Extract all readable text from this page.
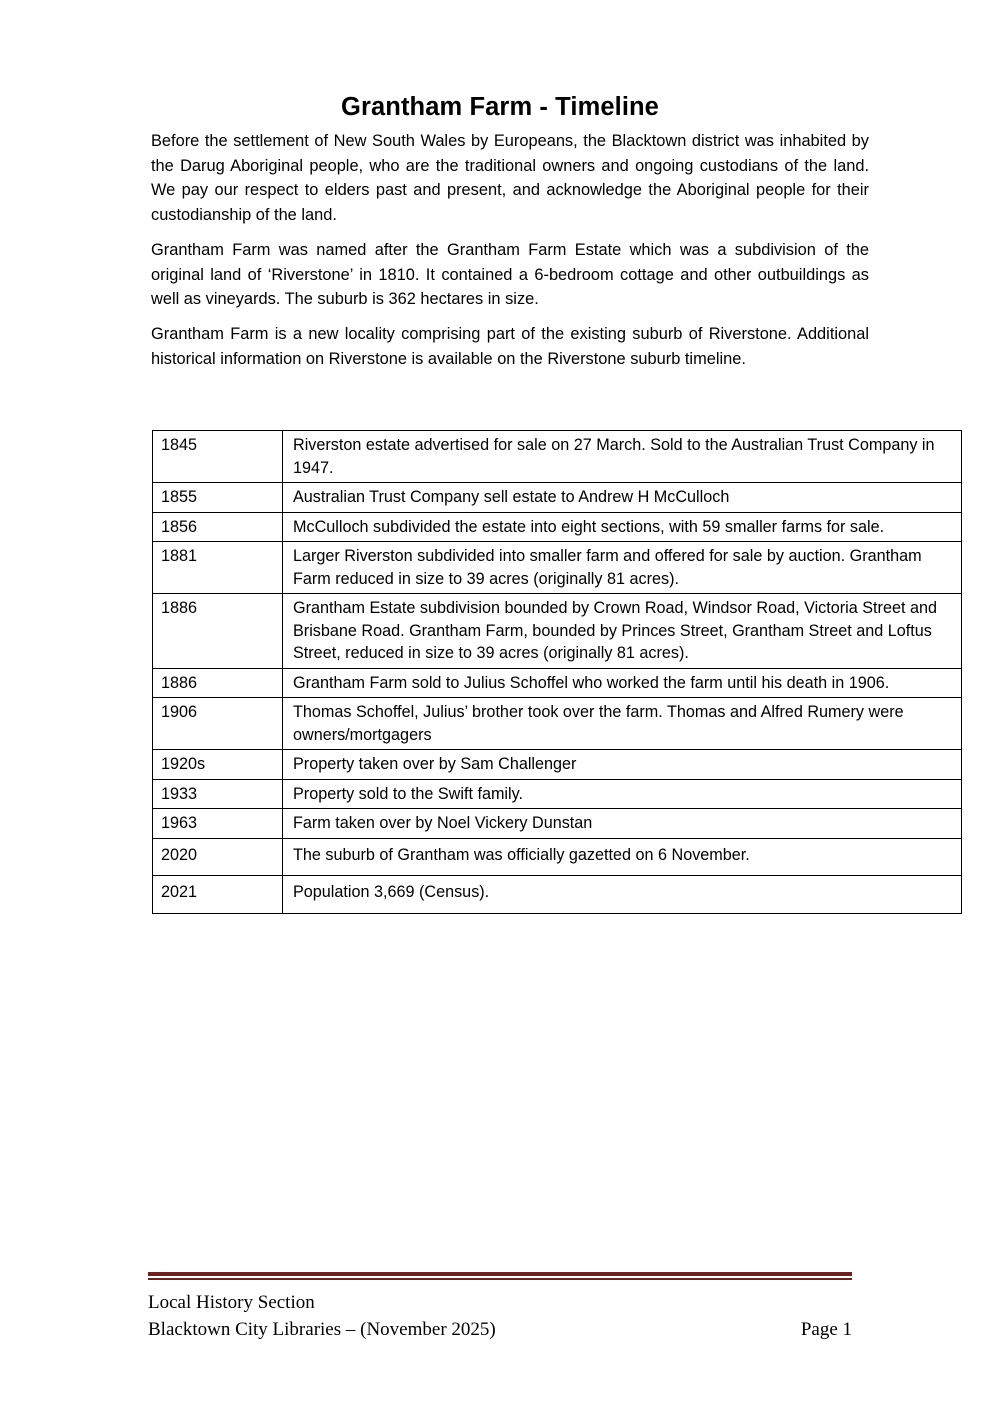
Grantham Farm - Timeline

Before the settlement of New South Wales by Europeans, the Blacktown district was inhabited by the Darug Aboriginal people, who are the traditional owners and ongoing custodians of the land. We pay our respect to elders past and present, and acknowledge the Aboriginal people for their custodianship of the land.

Grantham Farm was named after the Grantham Farm Estate which was a subdivision of the original land of ‘Riverstone’ in 1810. It contained a 6-bedroom cottage and other outbuildings as well as vineyards. The suburb is 362 hectares in size.

Grantham Farm is a new locality comprising part of the existing suburb of Riverstone. Additional historical information on Riverstone is available on the Riverstone suburb timeline.

1845	Riverston estate advertised for sale on 27 March. Sold to the Australian Trust Company in 1947.
1855	Australian Trust Company sell estate to Andrew H McCulloch
1856	McCulloch subdivided the estate into eight sections, with 59 smaller farms for sale.
1881	Larger Riverston subdivided into smaller farm and offered for sale by auction. Grantham Farm reduced in size to 39 acres (originally 81 acres).
1886	Grantham Estate subdivision bounded by Crown Road, Windsor Road, Victoria Street and Brisbane Road. Grantham Farm, bounded by Princes Street, Grantham Street and Loftus Street, reduced in size to 39 acres (originally 81 acres).
1886	Grantham Farm sold to Julius Schoffel who worked the farm until his death in 1906.
1906	Thomas Schoffel, Julius’ brother took over the farm. Thomas and Alfred Rumery were owners/mortgagers
1920s	Property taken over by Sam Challenger
1933	Property sold to the Swift family.
1963	Farm taken over by Noel Vickery Dunstan
2020	The suburb of Grantham was officially gazetted on 6 November.
2021	Population 3,669 (Census).
Local History Section
Blacktown City Libraries – (November 2025)	Page 1
